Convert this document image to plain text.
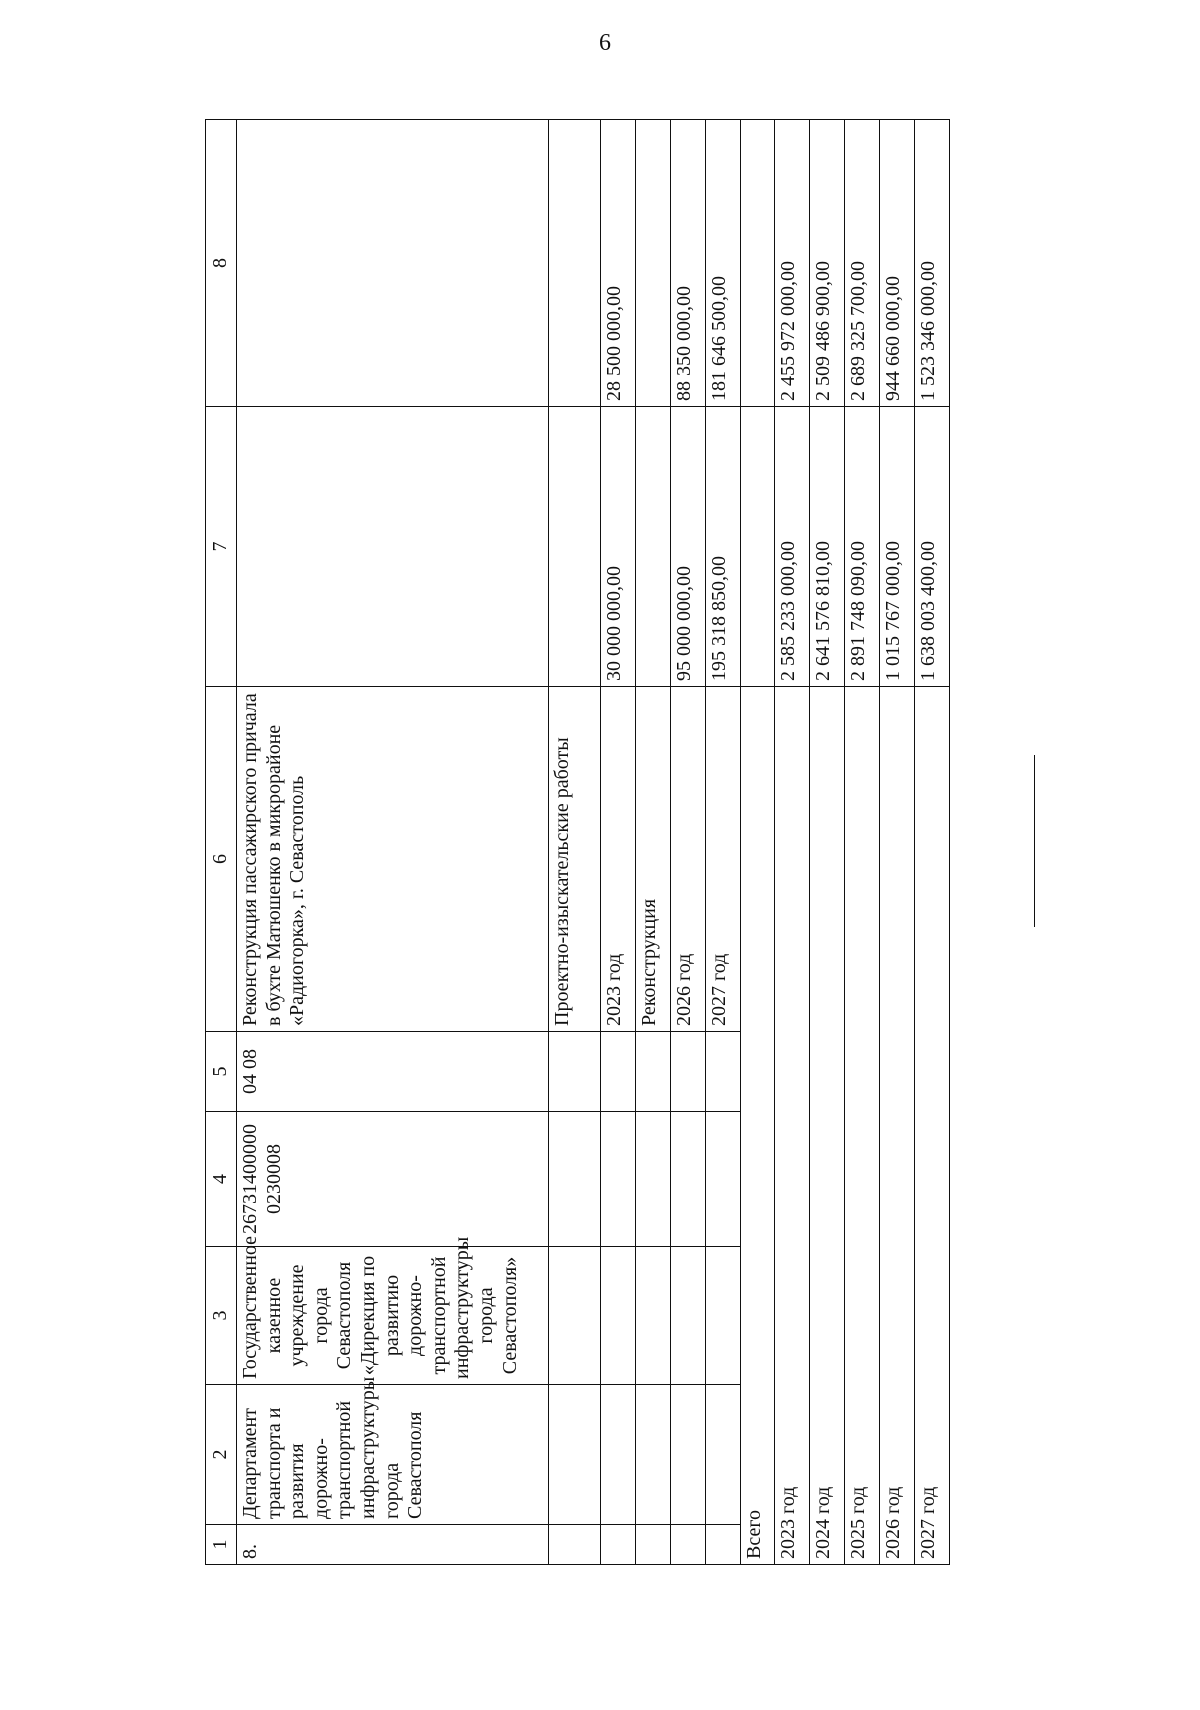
6
1	2	3	4	5	6	7	8
8.	Департамент транспорта и развития дорожно-транспортной инфраструктуры города Севастополя	Государственное казенное учреждение города Севастополя «Дирекция по развитию дорожно-транспортной инфраструктуры города Севастополя»	26731400000 0230008	04 08	Реконструкция пассажирского причала в бухте Матюшенко в микрорайоне «Радиогорка», г. Севастополь		
					Проектно-изыскательские работы		
					2023 год	30 000 000,00	28 500 000,00
					Реконструкция		
					2026 год	95 000 000,00	88 350 000,00
					2027 год	195 318 850,00	181 646 500,00
Всего							
2023 год						2 585 233 000,00	2 455 972 000,00
2024 год						2 641 576 810,00	2 509 486 900,00
2025 год						2 891 748 090,00	2 689 325 700,00
2026 год						1 015 767 000,00	944 660 000,00
2027 год						1 638 003 400,00	1 523 346 000,00
